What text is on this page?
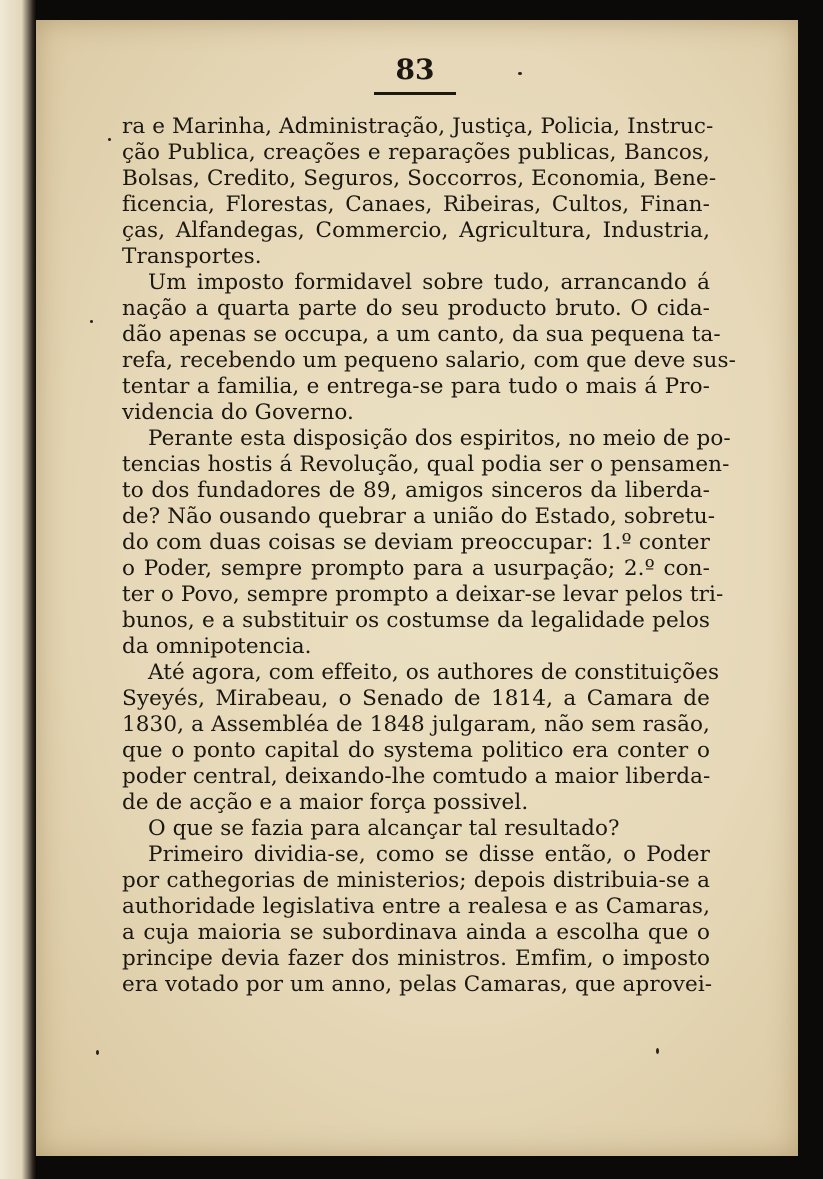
83
ra e Marinha, Administração, Justiça, Policia, Instruc-
ção Publica, creações e reparações publicas, Bancos,
Bolsas, Credito, Seguros, Soccorros, Economia, Bene-
ficencia, Florestas, Canaes, Ribeiras, Cultos, Finan-
ças, Alfandegas, Commercio, Agricultura, Industria,
Transportes.
Um imposto formidavel sobre tudo, arrancando á
nação a quarta parte do seu producto bruto. O cida-
dão apenas se occupa, a um canto, da sua pequena ta-
refa, recebendo um pequeno salario, com que deve sus-
tentar a familia, e entrega-se para tudo o mais á Pro-
videncia do Governo.
Perante esta disposição dos espiritos, no meio de po-
tencias hostis á Revolução, qual podia ser o pensamen-
to dos fundadores de 89, amigos sinceros da liberda-
de? Não ousando quebrar a união do Estado, sobretu-
do com duas coisas se deviam preoccupar: 1.º conter
o Poder, sempre prompto para a usurpação; 2.º con-
ter o Povo, sempre prompto a deixar-se levar pelos tri-
bunos, e a substituir os costumse da legalidade pelos
da omnipotencia.
Até agora, com effeito, os authores de constituições
Syeyés, Mirabeau, o Senado de 1814, a Camara de
1830, a Assembléa de 1848 julgaram, não sem rasão,
que o ponto capital do systema politico era conter o
poder central, deixando-lhe comtudo a maior liberda-
de de acção e a maior força possivel.
O que se fazia para alcançar tal resultado?
Primeiro dividia-se, como se disse então, o Poder
por cathegorias de ministerios; depois distribuia-se a
authoridade legislativa entre a realesa e as Camaras,
a cuja maioria se subordinava ainda a escolha que o
principe devia fazer dos ministros. Emfim, o imposto
era votado por um anno, pelas Camaras, que aprovei-
